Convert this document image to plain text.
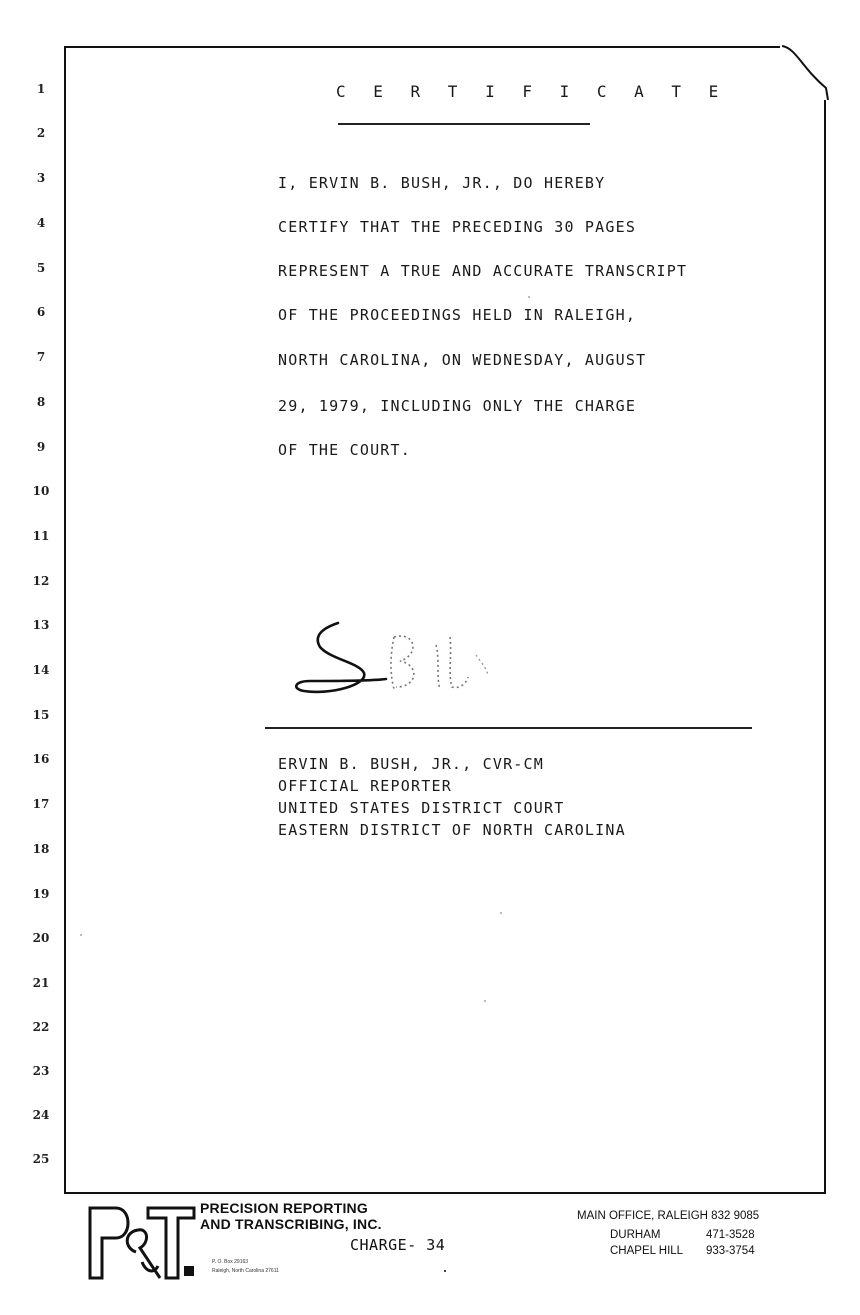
1
2
3
4
5
6
7
8
9
10
11
12
13
14
15
16
17
18
19
20
21
22
23
24
25
C E R T I F I C A T E
I, ERVIN B. BUSH, JR., DO HEREBY
CERTIFY THAT THE PRECEDING 30 PAGES
REPRESENT A TRUE AND ACCURATE TRANSCRIPT
OF THE PROCEEDINGS HELD IN RALEIGH,
NORTH CAROLINA, ON WEDNESDAY, AUGUST
29, 1979, INCLUDING ONLY THE CHARGE
OF THE COURT.
ERVIN B. BUSH, JR., CVR-CM
OFFICIAL REPORTER
UNITED STATES DISTRICT COURT
EASTERN DISTRICT OF NORTH CAROLINA
PRECISION REPORTING
AND TRANSCRIBING, INC.
P. O. Box 29163
Raleigh, North Carolina 27611
CHARGE- 34
MAIN OFFICE, RALEIGH 832 9085
DURHAM	471-3528
CHAPEL HILL 933-3754
